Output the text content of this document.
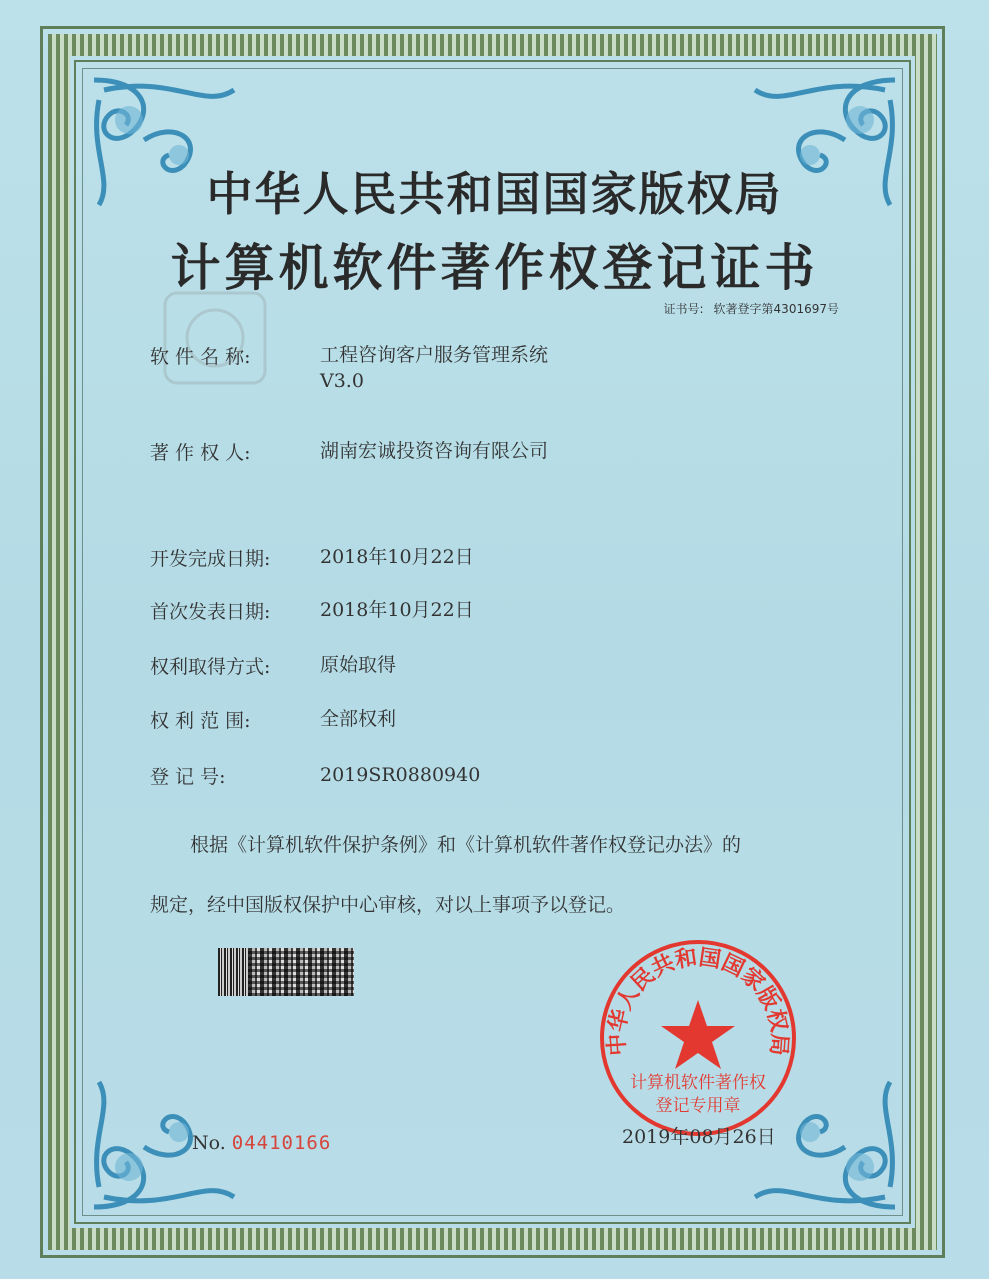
中华人民共和国国家版权局
计算机软件著作权登记证书
证书号: 软著登字第4301697号
软 件 名 称:	工程咨询客户服务管理系统
V3.0
著 作 权 人:	湖南宏诚投资咨询有限公司
开发完成日期:	2018年10月22日
首次发表日期:	2018年10月22日
权利取得方式:	原始取得
权 利 范 围:	全部权利
登 记 号:	2019SR0880940
根据《计算机软件保护条例》和《计算机软件著作权登记办法》的
规定，经中国版权保护中心审核，对以上事项予以登记。
中华人民共和国国家版权局
计算机软件著作权
登记专用章
No. 04410166	2019年08月26日
